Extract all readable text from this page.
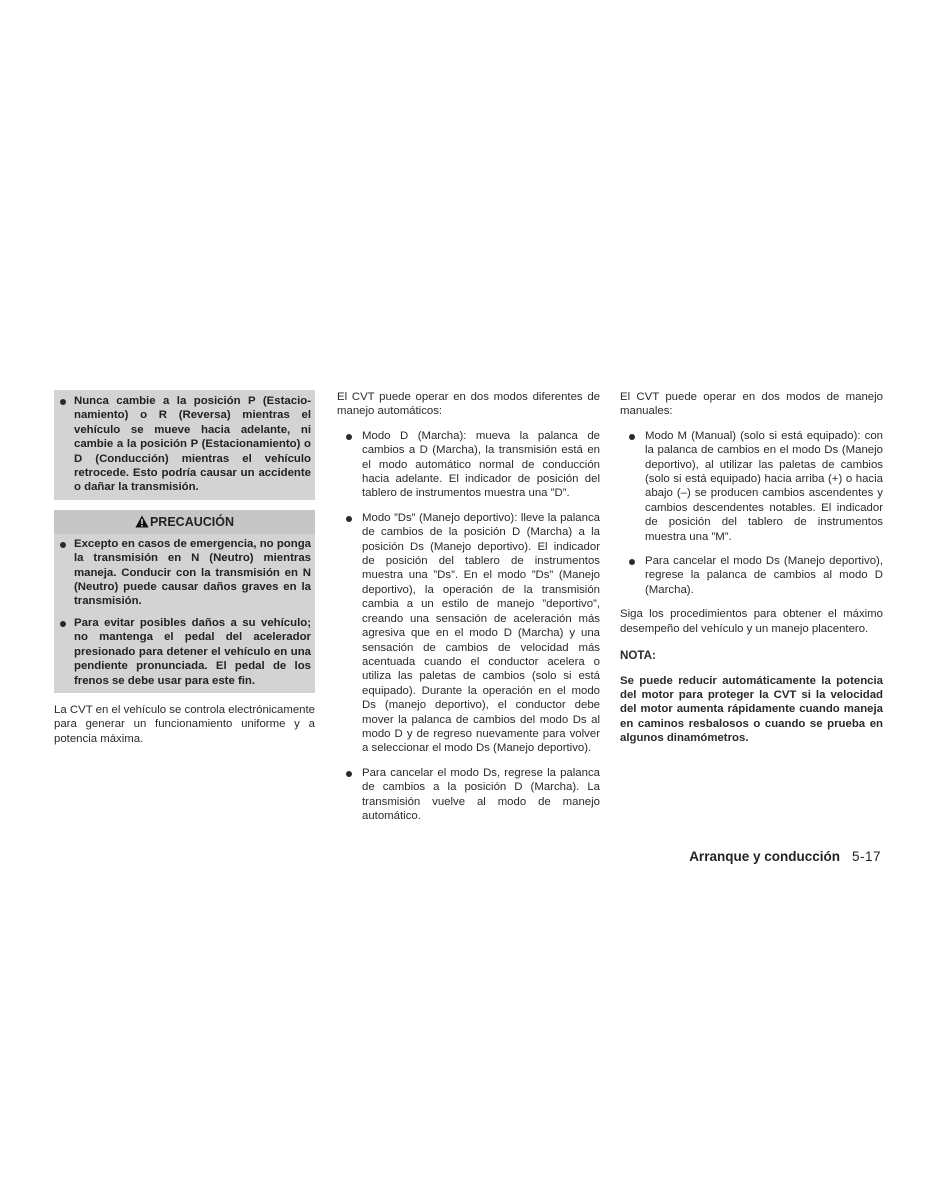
Nunca cambie a la posición P (Estacionamiento) o R (Reversa) mientras el vehículo se mueve hacia adelante, ni cambie a la posición P (Estacionamiento) o D (Conducción) mientras el vehículo retrocede. Esto podría causar un accidente o dañar la transmisión.
PRECAUCIÓN
Excepto en casos de emergencia, no ponga la transmisión en N (Neutro) mientras maneja. Conducir con la transmisión en N (Neutro) puede causar daños graves en la transmisión.
Para evitar posibles daños a su vehículo; no mantenga el pedal del acelerador presionado para detener el vehículo en una pendiente pronunciada. El pedal de los frenos se debe usar para este fin.

La CVT en el vehículo se controla electrónicamente para generar un funcionamiento uniforme y a potencia máxima.

El CVT puede operar en dos modos diferentes de manejo automáticos:

Modo D (Marcha): mueva la palanca de cambios a D (Marcha), la transmisión está en el modo automático normal de conducción hacia adelante. El indicador de posición del tablero de instrumentos muestra una ”D”.
Modo ”Ds” (Manejo deportivo): lleve la palanca de cambios de la posición D (Marcha) a la posición Ds (Manejo deportivo). El indicador de posición del tablero de instrumentos muestra una ”Ds”. En el modo ”Ds” (Manejo deportivo), la operación de la transmisión cambia a un estilo de manejo ”deportivo”, creando una sensación de aceleración más agresiva que en el modo D (Marcha) y una sensación de cambios de velocidad más acentuada cuando el conductor acelera o utiliza las paletas de cambios (solo si está equipado). Durante la operación en el modo Ds (manejo deportivo), el conductor debe mover la palanca de cambios del modo Ds al modo D y de regreso nuevamente para volver a seleccionar el modo Ds (Manejo deportivo).
Para cancelar el modo Ds, regrese la palanca de cambios a la posición D (Marcha). La transmisión vuelve al modo de manejo automático.

El CVT puede operar en dos modos de manejo manuales:

Modo M (Manual) (solo si está equipado): con la palanca de cambios en el modo Ds (Manejo deportivo), al utilizar las paletas de cambios (solo si está equipado) hacia arriba (+) o hacia abajo (–) se producen cambios ascendentes y cambios descendentes notables. El indicador de posición del tablero de instrumentos muestra una ”M”.
Para cancelar el modo Ds (Manejo deportivo), regrese la palanca de cambios al modo D (Marcha).

Siga los procedimientos para obtener el máximo desempeño del vehículo y un manejo placentero.

NOTA:

Se puede reducir automáticamente la potencia del motor para proteger la CVT si la velocidad del motor aumenta rápidamente cuando maneja en caminos resbalosos o cuando se prueba en algunos dinamómetros.

Arranque y conducción 5-17
